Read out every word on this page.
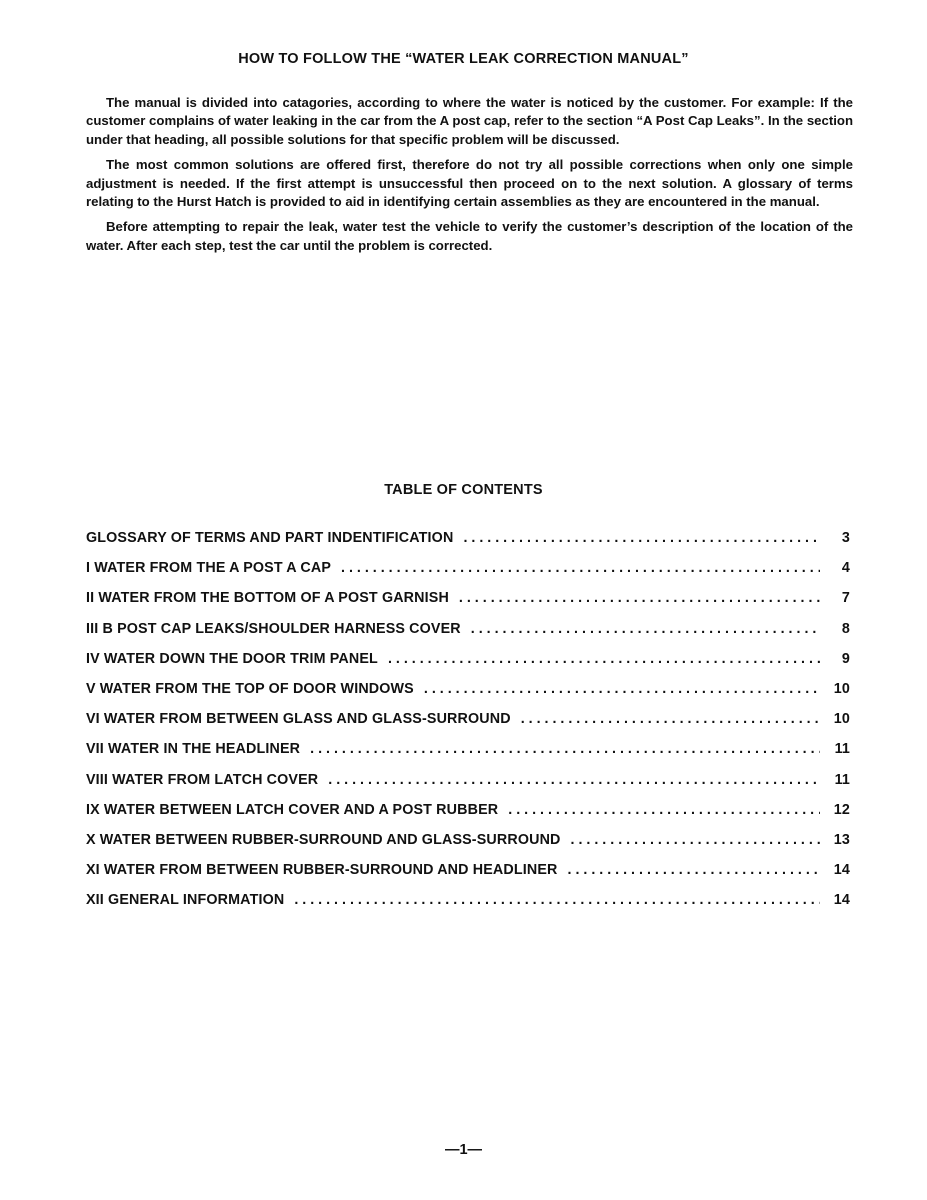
HOW TO FOLLOW THE “WATER LEAK CORRECTION MANUAL”

The manual is divided into catagories, according to where the water is noticed by the customer. For example: If the customer complains of water leaking in the car from the A post cap, refer to the section “A Post Cap Leaks”. In the section under that heading, all possible solutions for that specific problem will be discussed.

The most common solutions are offered first, therefore do not try all possible corrections when only one simple adjustment is needed. If the first attempt is unsuccessful then proceed on to the next solution. A glossary of terms relating to the Hurst Hatch is provided to aid in identifying certain assemblies as they are encountered in the manual.

Before attempting to repair the leak, water test the vehicle to verify the customer’s description of the location of the water. After each step, test the car until the problem is corrected.

TABLE OF CONTENTS
GLOSSARY OF TERMS AND PART INDENTIFICATION . . .	3
I WATER FROM THE A POST A CAP . . .	4
II WATER FROM THE BOTTOM OF A POST GARNISH . . .	7
III B POST CAP LEAKS/SHOULDER HARNESS COVER . . .	8
IV WATER DOWN THE DOOR TRIM PANEL . . .	9
V WATER FROM THE TOP OF DOOR WINDOWS . . .	10
VI WATER FROM BETWEEN GLASS AND GLASS-SURROUND . . .	10
VII WATER IN THE HEADLINER . . .	11
VIII WATER FROM LATCH COVER . . .	11
IX WATER BETWEEN LATCH COVER AND A POST RUBBER . . .	12
X WATER BETWEEN RUBBER-SURROUND AND GLASS-SURROUND . . .	13
XI WATER FROM BETWEEN RUBBER-SURROUND AND HEADLINER . . .	14
XII GENERAL INFORMATION . . .	14
—1—
